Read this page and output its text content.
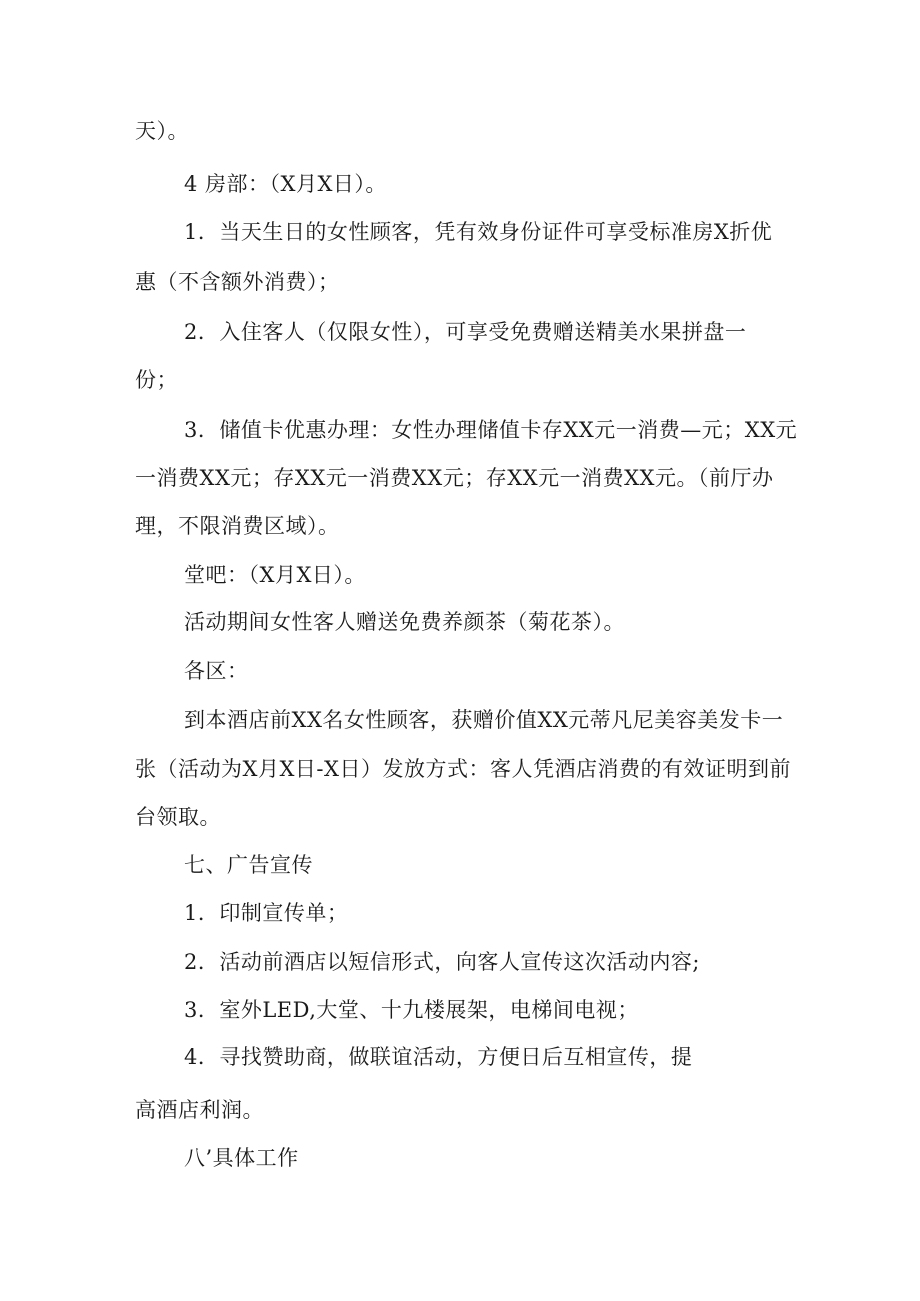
天）。
4 房部：（X月X日）。
1．当天生日的女性顾客，凭有效身份证件可享受标准房X折优
惠（不含额外消费）；
2．入住客人（仅限女性），可享受免费赠送精美水果拼盘一
份；
3．储值卡优惠办理：女性办理储值卡存XX元一消费—元；XX元
一消费XX元；存XX元一消费XX元；存XX元一消费XX元。（前厅办
理，不限消费区域）。
堂吧：（X月X日）。
活动期间女性客人赠送免费养颜茶（菊花茶）。
各区：
到本酒店前XX名女性顾客，获赠价值XX元蒂凡尼美容美发卡一
张（活动为X月X日-X日）发放方式：客人凭酒店消费的有效证明到前
台领取。
七、广告宣传
1．印制宣传单；
2．活动前酒店以短信形式，向客人宣传这次活动内容;
3．室外LED,大堂、十九楼展架，电梯间电视；
4．寻找赞助商，做联谊活动，方便日后互相宣传，提
高酒店利润。
八’具体工作
